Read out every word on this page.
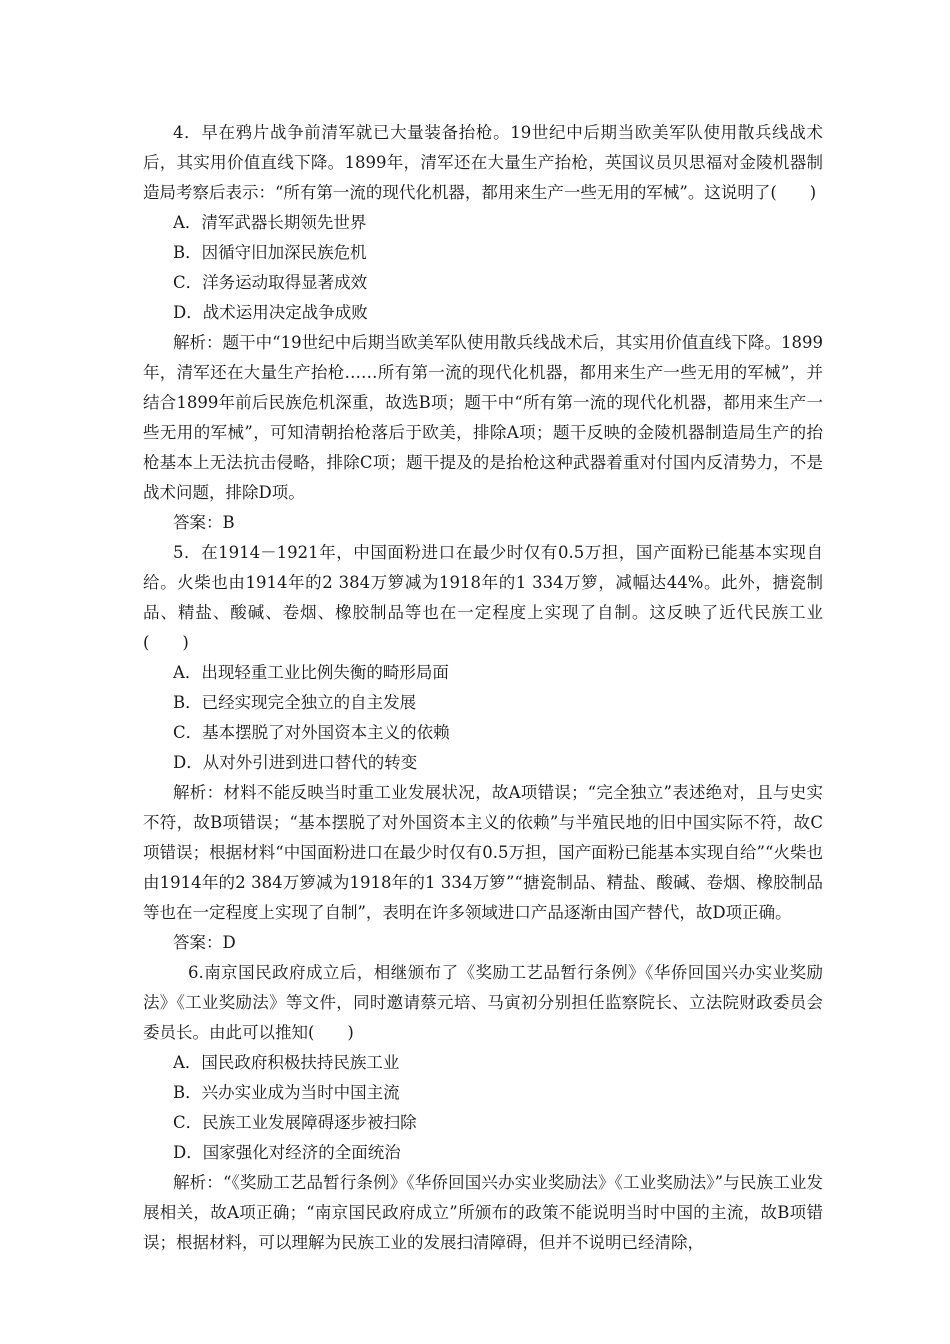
4．早在鸦片战争前清军就已大量装备抬枪。19世纪中后期当欧美军队使用散兵线战术后，其实用价值直线下降。1899年，清军还在大量生产抬枪，英国议员贝思福对金陵机器制造局考察后表示：“所有第一流的现代化机器，都用来生产一些无用的军械”。这说明了(　　)

A．清军武器长期领先世界

B．因循守旧加深民族危机

C．洋务运动取得显著成效

D．战术运用决定战争成败

解析：题干中“19世纪中后期当欧美军队使用散兵线战术后，其实用价值直线下降。1899年，清军还在大量生产抬枪……所有第一流的现代化机器，都用来生产一些无用的军械”，并结合1899年前后民族危机深重，故选B项；题干中“所有第一流的现代化机器，都用来生产一些无用的军械”，可知清朝抬枪落后于欧美，排除A项；题干反映的金陵机器制造局生产的抬枪基本上无法抗击侵略，排除C项；题干提及的是抬枪这种武器着重对付国内反清势力，不是战术问题，排除D项。

答案：B

5．在1914－1921年，中国面粉进口在最少时仅有0.5万担，国产面粉已能基本实现自给。火柴也由1914年的2 384万箩减为1918年的1 334万箩，减幅达44%。此外，搪瓷制品、精盐、酸碱、卷烟、橡胶制品等也在一定程度上实现了自制。这反映了近代民族工业(　　)

A．出现轻重工业比例失衡的畸形局面

B．已经实现完全独立的自主发展

C．基本摆脱了对外国资本主义的依赖

D．从对外引进到进口替代的转变

解析：材料不能反映当时重工业发展状况，故A项错误；“完全独立”表述绝对，且与史实不符，故B项错误；“基本摆脱了对外国资本主义的依赖”与半殖民地的旧中国实际不符，故C项错误；根据材料“中国面粉进口在最少时仅有0.5万担，国产面粉已能基本实现自给”“火柴也由1914年的2 384万箩减为1918年的1 334万箩”“搪瓷制品、精盐、酸碱、卷烟、橡胶制品等也在一定程度上实现了自制”，表明在许多领域进口产品逐渐由国产替代，故D项正确。

答案：D

6.南京国民政府成立后，相继颁布了《奖励工艺品暂行条例》《华侨回国兴办实业奖励法》《工业奖励法》等文件，同时邀请蔡元培、马寅初分别担任监察院长、立法院财政委员会委员长。由此可以推知(　　)

A．国民政府积极扶持民族工业

B．兴办实业成为当时中国主流

C．民族工业发展障碍逐步被扫除

D．国家强化对经济的全面统治

解析：“《奖励工艺品暂行条例》《华侨回国兴办实业奖励法》《工业奖励法》”与民族工业发展相关，故A项正确；“南京国民政府成立”所颁布的政策不能说明当时中国的主流，故B项错误；根据材料，可以理解为民族工业的发展扫清障碍，但并不说明已经清除，
